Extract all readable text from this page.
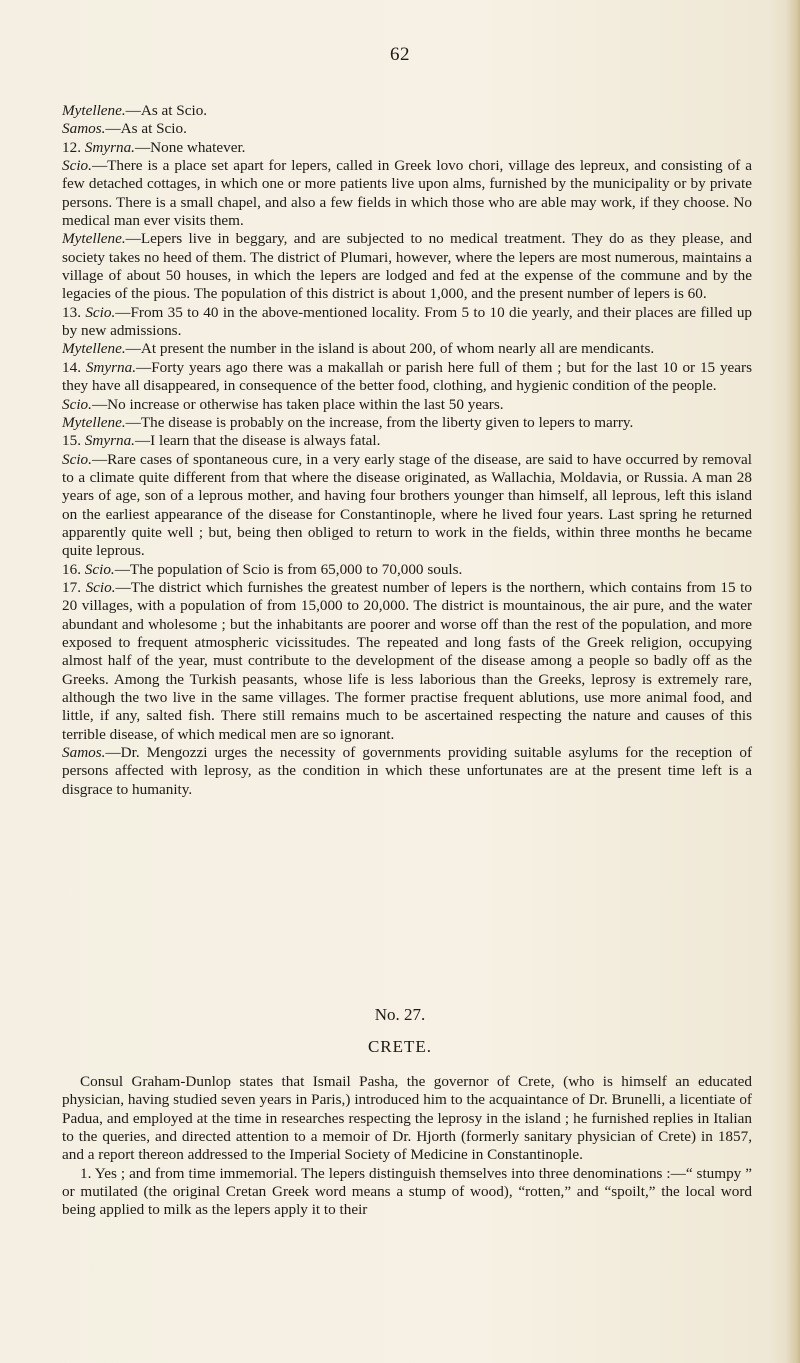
62

Mytellene.—As at Scio.

Samos.—As at Scio.

12. Smyrna.—None whatever.

Scio.—There is a place set apart for lepers, called in Greek lovo chori, village des lepreux, and consisting of a few detached cottages, in which one or more patients live upon alms, furnished by the municipality or by private persons. There is a small chapel, and also a few fields in which those who are able may work, if they choose. No medical man ever visits them.

Mytellene.—Lepers live in beggary, and are subjected to no medical treatment. They do as they please, and society takes no heed of them. The district of Plumari, however, where the lepers are most numerous, maintains a village of about 50 houses, in which the lepers are lodged and fed at the expense of the commune and by the legacies of the pious. The population of this district is about 1,000, and the present number of lepers is 60.

13. Scio.—From 35 to 40 in the above-mentioned locality. From 5 to 10 die yearly, and their places are filled up by new admissions.

Mytellene.—At present the number in the island is about 200, of whom nearly all are mendicants.

14. Smyrna.—Forty years ago there was a makallah or parish here full of them ; but for the last 10 or 15 years they have all disappeared, in consequence of the better food, clothing, and hygienic condition of the people.

Scio.—No increase or otherwise has taken place within the last 50 years.

Mytellene.—The disease is probably on the increase, from the liberty given to lepers to marry.

15. Smyrna.—I learn that the disease is always fatal.

Scio.—Rare cases of spontaneous cure, in a very early stage of the disease, are said to have occurred by removal to a climate quite different from that where the disease originated, as Wallachia, Moldavia, or Russia. A man 28 years of age, son of a leprous mother, and having four brothers younger than himself, all leprous, left this island on the earliest appearance of the disease for Constantinople, where he lived four years. Last spring he returned apparently quite well ; but, being then obliged to return to work in the fields, within three months he became quite leprous.

16. Scio.—The population of Scio is from 65,000 to 70,000 souls.

17. Scio.—The district which furnishes the greatest number of lepers is the northern, which contains from 15 to 20 villages, with a population of from 15,000 to 20,000. The district is mountainous, the air pure, and the water abundant and wholesome ; but the inhabitants are poorer and worse off than the rest of the population, and more exposed to frequent atmospheric vicissitudes. The repeated and long fasts of the Greek religion, occupying almost half of the year, must contribute to the development of the disease among a people so badly off as the Greeks. Among the Turkish peasants, whose life is less laborious than the Greeks, leprosy is extremely rare, although the two live in the same villages. The former practise frequent ablutions, use more animal food, and little, if any, salted fish. There still remains much to be ascertained respecting the nature and causes of this terrible disease, of which medical men are so ignorant.

Samos.—Dr. Mengozzi urges the necessity of governments providing suitable asylums for the reception of persons affected with leprosy, as the condition in which these unfortunates are at the present time left is a disgrace to humanity.

No. 27.
CRETE.

Consul Graham-Dunlop states that Ismail Pasha, the governor of Crete, (who is himself an educated physician, having studied seven years in Paris,) introduced him to the acquaintance of Dr. Brunelli, a licentiate of Padua, and employed at the time in researches respecting the leprosy in the island ; he furnished replies in Italian to the queries, and directed attention to a memoir of Dr. Hjorth (formerly sanitary physician of Crete) in 1857, and a report thereon addressed to the Imperial Society of Medicine in Constantinople.

1. Yes ; and from time immemorial. The lepers distinguish themselves into three denominations :—“ stumpy ” or mutilated (the original Cretan Greek word means a stump of wood), “rotten,” and “spoilt,” the local word being applied to milk as the lepers apply it to their
